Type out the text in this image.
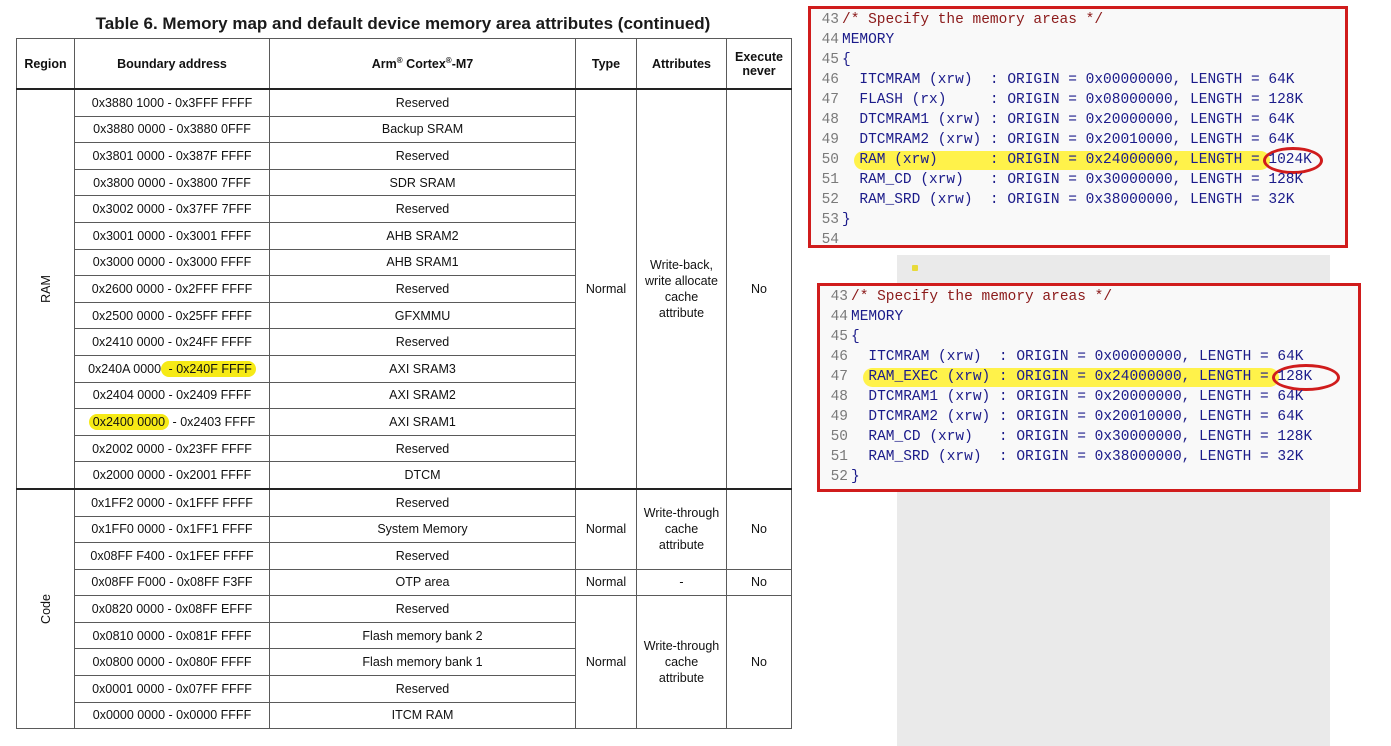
Table 6. Memory map and default device memory area attributes (continued)
Region	Boundary address	Arm® Cortex®-M7	Type	Attributes	Execute
never

RAM	0x3880 1000 - 0x3FFF FFFF	Reserved	Normal	Write-back,
write allocate
cache
attribute	No
	0x3880 0000 - 0x3880 0FFF	Backup SRAM			
	0x3801 0000 - 0x387F FFFF	Reserved			
	0x3800 0000 - 0x3800 7FFF	SDR SRAM			
	0x3002 0000 - 0x37FF 7FFF	Reserved			
	0x3001 0000 - 0x3001 FFFF	AHB SRAM2			
	0x3000 0000 - 0x3000 FFFF	AHB SRAM1			
	0x2600 0000 - 0x2FFF FFFF	Reserved			
	0x2500 0000 - 0x25FF FFFF	GFXMMU			
	0x2410 0000 - 0x24FF FFFF	Reserved			
	0x240A 0000 - 0x240F FFFF	AXI SRAM3			
	0x2404 0000 - 0x2409 FFFF	AXI SRAM2			
	0x2400 0000 - 0x2403 FFFF	AXI SRAM1			
	0x2002 0000 - 0x23FF FFFF	Reserved			
	0x2000 0000 - 0x2001 FFFF	DTCM			
Code	0x1FF2 0000 - 0x1FFF FFFF	Reserved	Normal	Write-through
cache
attribute	No
	0x1FF0 0000 - 0x1FF1 FFFF	System Memory			
	0x08FF F400 - 0x1FEF FFFF	Reserved			
	0x08FF F000 - 0x08FF F3FF	OTP area	Normal	-	No
	0x0820 0000 - 0x08FF EFFF	Reserved	Normal	Write-through
cache
attribute	No
	0x0810 0000 - 0x081F FFFF	Flash memory bank 2			
	0x0800 0000 - 0x080F FFFF	Flash memory bank 1			
	0x0001 0000 - 0x07FF FFFF	Reserved			
	0x0000 0000 - 0x0000 FFFF	ITCM RAM			
43 /* Specify the memory areas */
44 MEMORY
45 {
46  ITCMRAM (xrw)  : ORIGIN = 0x00000000, LENGTH = 64K
47  FLASH (rx)     : ORIGIN = 0x08000000, LENGTH = 128K
48  DTCMRAM1 (xrw) : ORIGIN = 0x20000000, LENGTH = 64K
49  DTCMRAM2 (xrw) : ORIGIN = 0x20010000, LENGTH = 64K
50  RAM (xrw)      : ORIGIN = 0x24000000, LENGTH = 1024K
51  RAM_CD (xrw)   : ORIGIN = 0x30000000, LENGTH = 128K
52  RAM_SRD (xrw)  : ORIGIN = 0x38000000, LENGTH = 32K
53 }
54
43 /* Specify the memory areas */
44 MEMORY
45 {
46  ITCMRAM (xrw)  : ORIGIN = 0x00000000, LENGTH = 64K
47  RAM_EXEC (xrw) : ORIGIN = 0x24000000, LENGTH = 128K
48  DTCMRAM1 (xrw) : ORIGIN = 0x20000000, LENGTH = 64K
49  DTCMRAM2 (xrw) : ORIGIN = 0x20010000, LENGTH = 64K
50  RAM_CD (xrw)   : ORIGIN = 0x30000000, LENGTH = 128K
51  RAM_SRD (xrw)  : ORIGIN = 0x38000000, LENGTH = 32K
52 }
